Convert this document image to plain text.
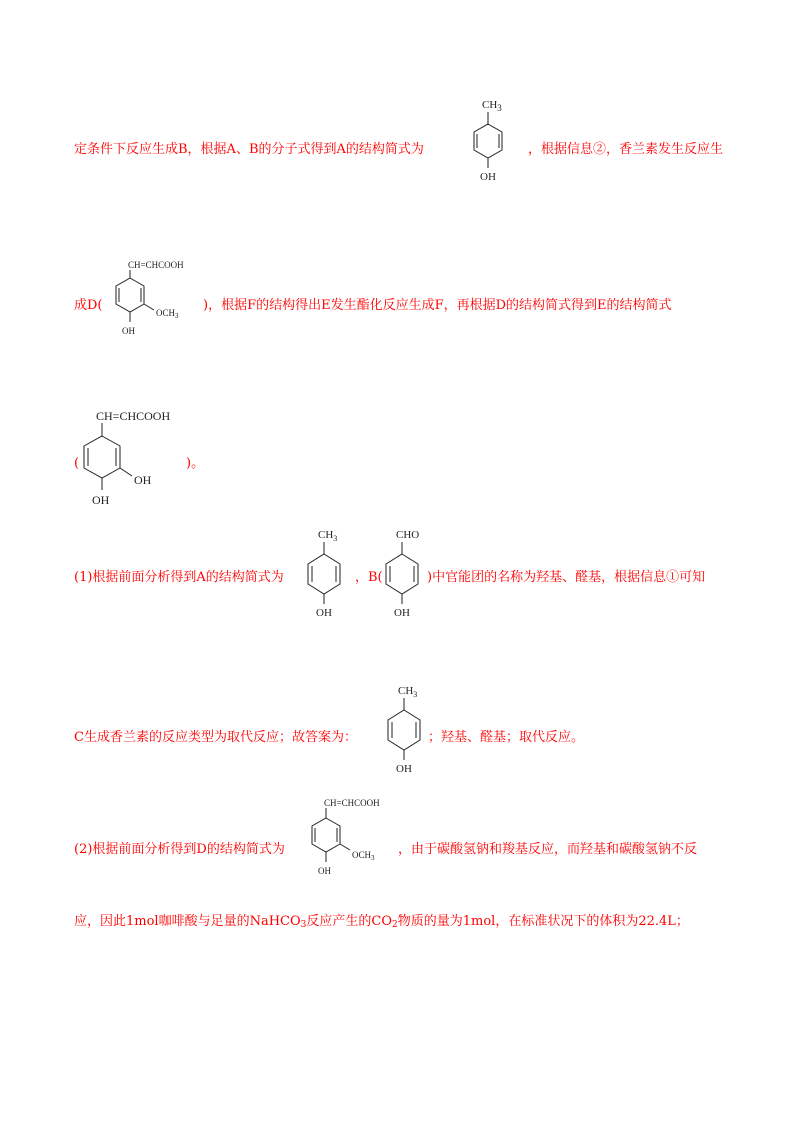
定条件下反应生成B，根据A、B的分子式得到A的结构简式为	，根据信息②，香兰素发生反应生
$CH_3$
OH
成D(	)，根据F的结构得出E发生酯化反应生成F，再根据D的结构简式得到E的结构简式
CH=CHCOOH
$OCH_3$
OH
(	)。
CH=CHCOOH
OH
OH
(1)根据前面分析得到A的结构简式为	，B(	)中官能团的名称为羟基、醛基，根据信息①可知
$CH_3$
OH
CHO
OH
C生成香兰素的反应类型为取代反应；故答案为：	；羟基、醛基；取代反应。
$CH_3$
OH
(2)根据前面分析得到D的结构简式为	，由于碳酸氢钠和羧基反应，而羟基和碳酸氢钠不反
CH=CHCOOH
$OCH_3$
OH
应，因此1mol咖啡酸与足量的NaHCO$_3$反应产生的$CO_2$物质的量为1mol，在标准状况下的体积为22.4L；
